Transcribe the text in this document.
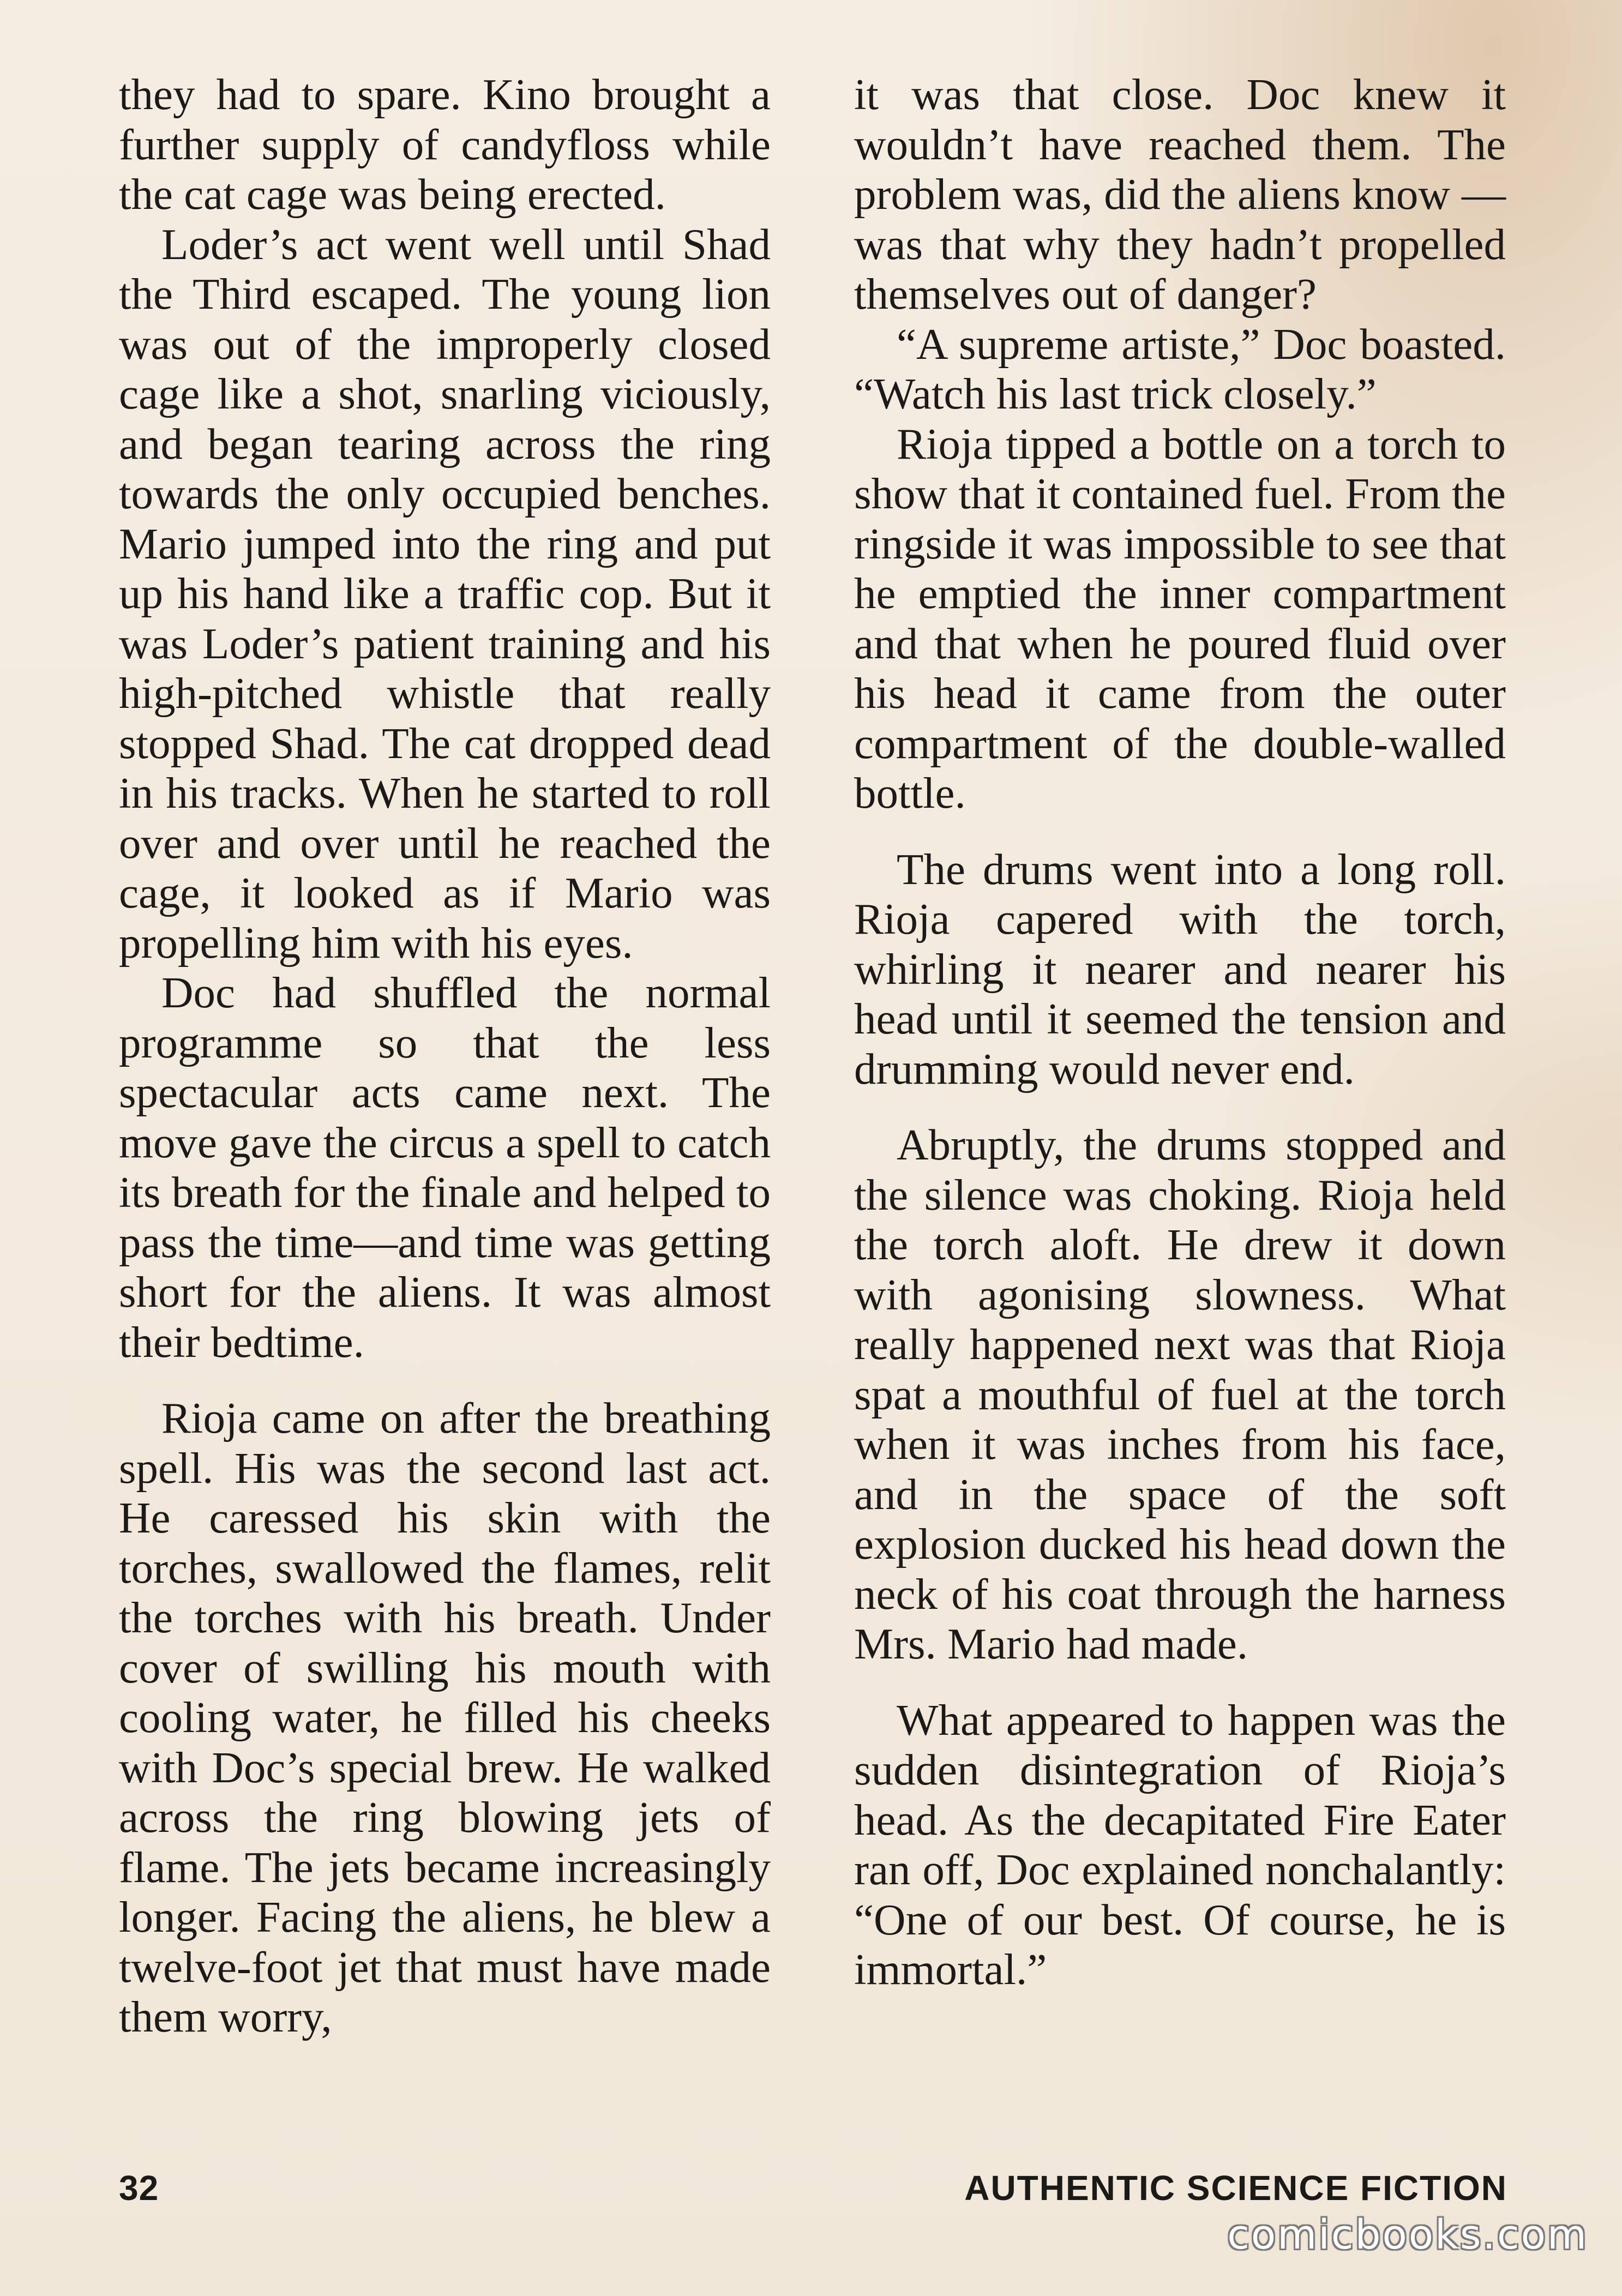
they had to spare. Kino brought a further supply of candyfloss while the cat cage was being erected.

Loder’s act went well until Shad the Third escaped. The young lion was out of the improperly closed cage like a shot, snarling viciously, and began tearing across the ring towards the only occupied benches. Mario jumped into the ring and put up his hand like a traffic cop. But it was Loder’s patient training and his high-pitched whistle that really stopped Shad. The cat dropped dead in his tracks. When he started to roll over and over until he reached the cage, it looked as if Mario was propelling him with his eyes.

Doc had shuffled the normal programme so that the less spectacular acts came next. The move gave the circus a spell to catch its breath for the finale and helped to pass the time—and time was getting short for the aliens. It was almost their bedtime.

Rioja came on after the breathing spell. His was the second last act. He caressed his skin with the torches, swallowed the flames, relit the torches with his breath. Under cover of swilling his mouth with cooling water, he filled his cheeks with Doc’s special brew. He walked across the ring blowing jets of flame. The jets became increasingly longer. Facing the aliens, he blew a twelve-foot jet that must have made them worry,

it was that close. Doc knew it wouldn’t have reached them. The problem was, did the aliens know —was that why they hadn’t propelled themselves out of danger?

“A supreme artiste,” Doc boasted. “Watch his last trick closely.”

Rioja tipped a bottle on a torch to show that it contained fuel. From the ringside it was impossible to see that he emptied the inner compartment and that when he poured fluid over his head it came from the outer compartment of the double-walled bottle.

The drums went into a long roll. Rioja capered with the torch, whirling it nearer and nearer his head until it seemed the tension and drumming would never end.

Abruptly, the drums stopped and the silence was choking. Rioja held the torch aloft. He drew it down with agonising slowness. What really happened next was that Rioja spat a mouthful of fuel at the torch when it was inches from his face, and in the space of the soft explosion ducked his head down the neck of his coat through the harness Mrs. Mario had made.

What appeared to happen was the sudden disintegration of Rioja’s head. As the decapitated Fire Eater ran off, Doc explained nonchalantly: “One of our best. Of course, he is immortal.”

32	AUTHENTIC SCIENCE FICTION
comicbooks.com
